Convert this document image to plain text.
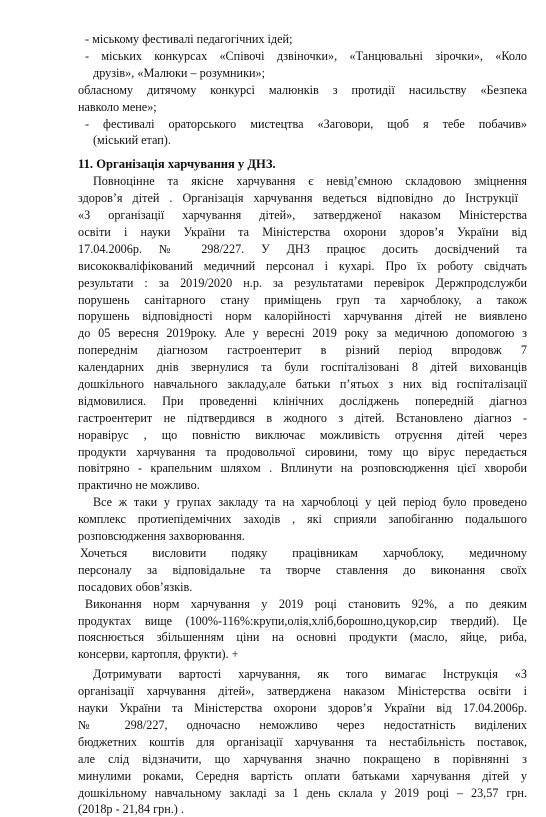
- міському фестивалі педагогічних ідей;
- міських конкурсах «Співочі дзвіночки», «Танцювальні зірочки», «Коло
друзів», «Малюки – розумники»;
обласному дитячому конкурсі малюнків з протидії насильству «Безпека
навколо мене»;
- фестивалі ораторського мистецтва «Заговори, щоб я тебе побачив»
(міський етап).
11. Організація харчування у ДНЗ.
Повноцінне та якісне харчування є невід’ємною складовою зміцнення
здоров’я дітей . Організація харчування ведеться відповідно до Інструкції
«З організації харчування дітей», затвердженої наказом Міністерства
освіти і науки України та Міністерства охорони здоров’я України від
17.04.2006р. № 298/227. У ДНЗ працює досить досвідчений та
висококваліфікований медичний персонал і кухарі. Про їх роботу свідчать
результати : за 2019/2020 н.р. за результатами перевірок Держпродслужби
порушень санітарного стану приміщень груп та харчоблоку, а також
порушень відповідності норм калорійності харчування дітей не виявлено
до 05 вересня 2019року. Але у вересні 2019 року за медичною допомогою з
попереднім діагнозом гастроентерит в різний період впродовж 7
календарних днів звернулися та були госпіталізовані 8 дітей вихованців
дошкільного навчального закладу,але батьки п’ятьох з них від госпіталізації
відмовилися. При проведенні клінічних досліджень попередній діагноз
гастроентерит не підтвердився в жодного з дітей. Встановлено діагноз -
норавірус , що повністю виключає можливість отруєння дітей через
продукти харчування та продовольчої сировини, тому що вірус передається
повітряно - крапельним шляхом . Вплинути на розповсюдження цієї хвороби
практично не можливо.
Все ж таки у групах закладу та на харчоблоці у цей період було проведено
комплекс протиепідемічних заходів , які сприяли запобіганню подальшого
розповсюдження захворювання.
Хочеться висловити подяку працівникам харчоблоку, медичному
персоналу за відповідальне та творче ставлення до виконання своїх
посадових обов’язків.
Виконання норм харчування у 2019 році становить 92%, а по деяким
продуктах вище (100%-116%:крупи,олія,хліб,борошно,цукор,сир твердий). Це
пояснюється збільшенням ціни на основні продукти (масло, яйце, риба,
консерви, картопля, фрукти). +
Дотримувати вартості харчування, як того вимагає Інструкція «З
організації харчування дітей», затверджена наказом Міністерства освіти і
науки України та Міністерства охорони здоров’я України від 17.04.2006р.
№ 298/227, одночасно неможливо через недостатність виділених
бюджетних коштів для організації харчування та нестабільність поставок,
але слід відзначити, що харчування значно покращено в порівнянні з
минулими роками, Середня вартість оплати батьками харчування дітей у
дошкільному навчальному закладі за 1 день склала у 2019 році – 23,57 грн.
(2018р - 21,84 грн.) .
